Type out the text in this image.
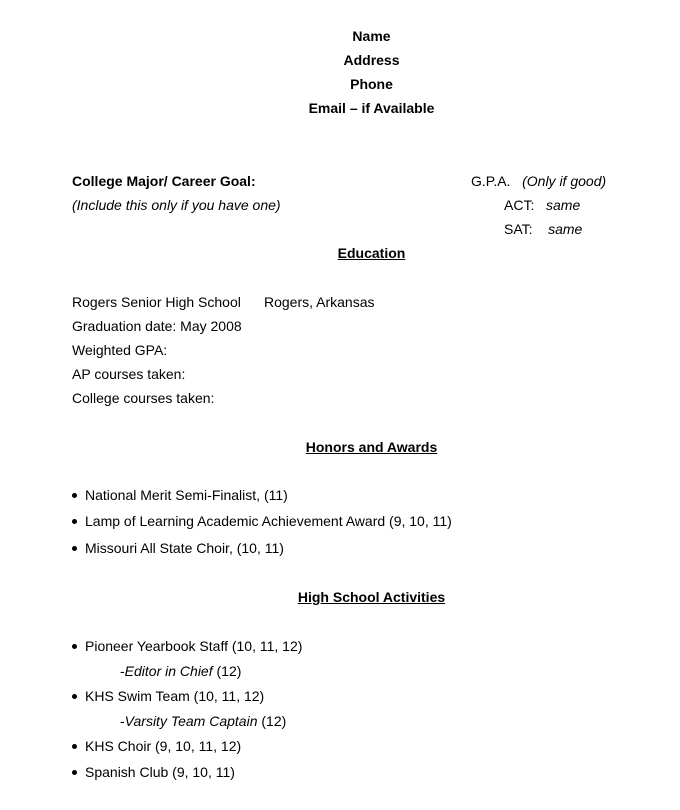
Name
Address
Phone
Email – if Available
College Major/ Career Goal:
(Include this only if you have one)
G.P.A. (Only if good)
ACT: same
SAT: same
Education
Rogers Senior High School Rogers, Arkansas
Graduation date: May 2008
Weighted GPA:
AP courses taken:
College courses taken:
Honors and Awards
National Merit Semi-Finalist, (11)
Lamp of Learning Academic Achievement Award (9, 10, 11)
Missouri All State Choir, (10, 11)
High School Activities
Pioneer Yearbook Staff (10, 11, 12)
-Editor in Chief (12)
KHS Swim Team (10, 11, 12)
-Varsity Team Captain (12)
KHS Choir (9, 10, 11, 12)
Spanish Club (9, 10, 11)
